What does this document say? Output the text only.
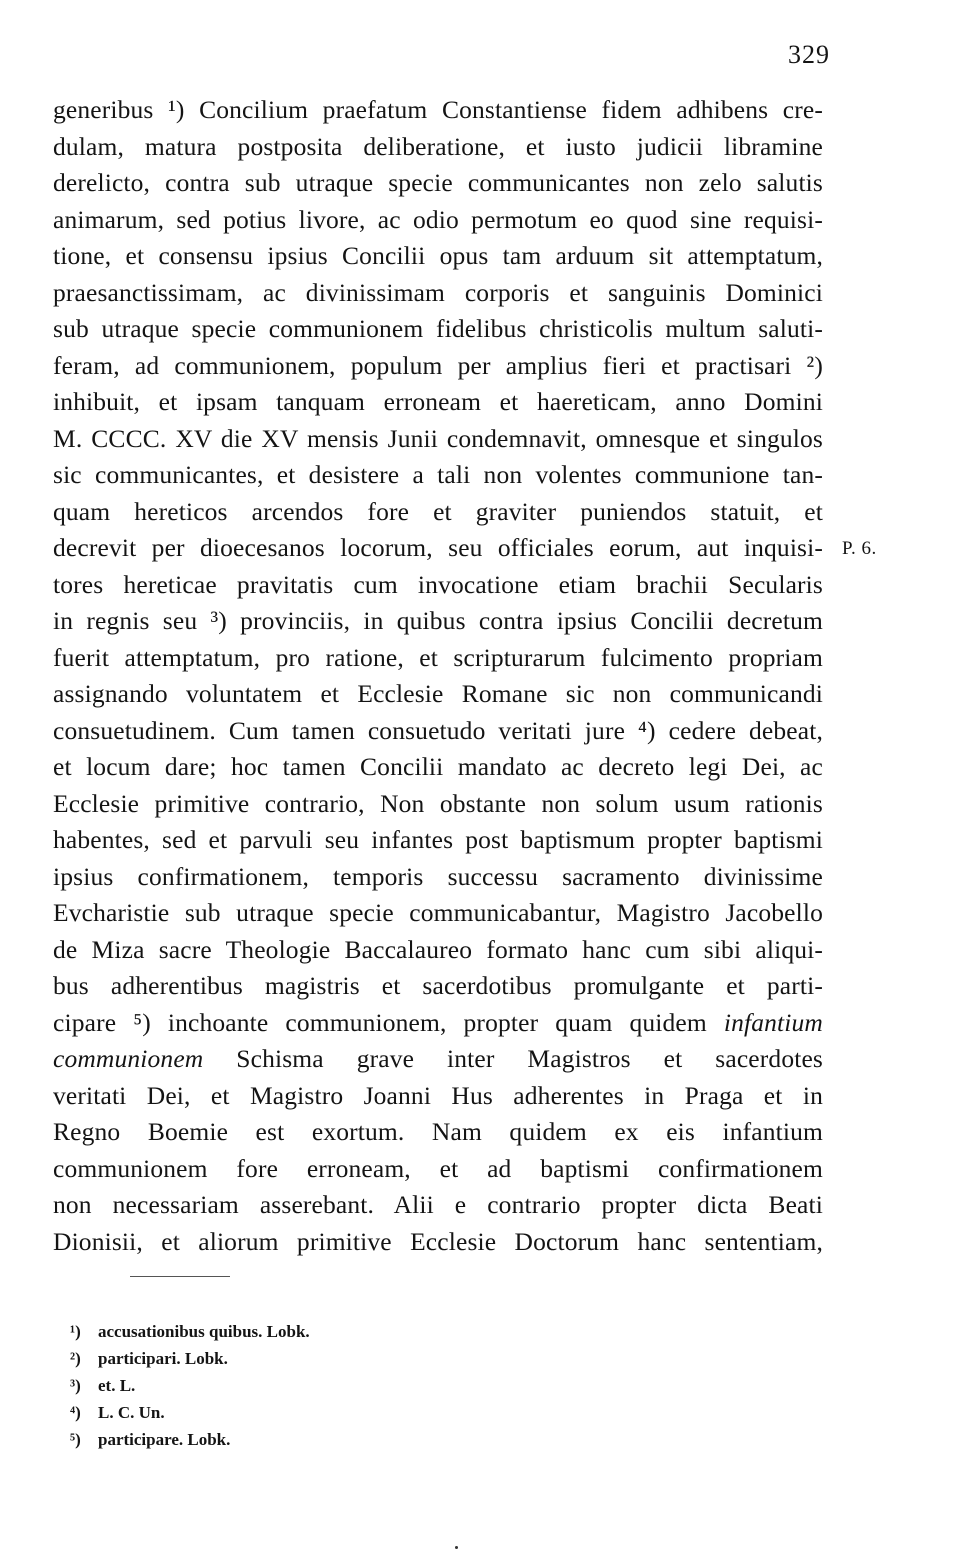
329
generibus ¹) Concilium praefatum Constantiense fidem adhibens cre-
dulam, matura postposita deliberatione, et iusto judicii libramine
derelicto, contra sub utraque specie communicantes non zelo salutis
animarum, sed potius livore, ac odio permotum eo quod sine requisi-
tione, et consensu ipsius Concilii opus tam arduum sit attemptatum,
praesanctissimam, ac divinissimam corporis et sanguinis Dominici
sub utraque specie communionem fidelibus christicolis multum saluti-
feram, ad communionem, populum per amplius fieri et practisari ²)
inhibuit, et ipsam tanquam erroneam et haereticam, anno Domini
M. CCCC. XV die XV mensis Junii condemnavit, omnesque et singulos
sic communicantes, et desistere a tali non volentes communione tan-
quam hereticos arcendos fore et graviter puniendos statuit, et
decrevit per dioecesanos locorum, seu officiales eorum, aut inquisi-
tores hereticae pravitatis cum invocatione etiam brachii Secularis
in regnis seu ³) provinciis, in quibus contra ipsius Concilii decretum
fuerit attemptatum, pro ratione, et scripturarum fulcimento propriam
assignando voluntatem et Ecclesie Romane sic non communicandi
consuetudinem. Cum tamen consuetudo veritati jure ⁴) cedere debeat,
et locum dare; hoc tamen Concilii mandato ac decreto legi Dei, ac
Ecclesie primitive contrario, Non obstante non solum usum rationis
habentes, sed et parvuli seu infantes post baptismum propter baptismi
ipsius confirmationem, temporis successu sacramento divinissime
Evcharistie sub utraque specie communicabantur, Magistro Jacobello
de Miza sacre Theologie Baccalaureo formato hanc cum sibi aliqui-
bus adherentibus magistris et sacerdotibus promulgante et parti-
cipare ⁵) inchoante communionem, propter quam quidem infantium
communionem Schisma grave inter Magistros et sacerdotes
veritati Dei, et Magistro Joanni Hus adherentes in Praga et in
Regno Boemie est exortum. Nam quidem ex eis infantium
communionem fore erroneam, et ad baptismi confirmationem
non necessariam asserebant. Alii e contrario propter dicta Beati
Dionisii, et aliorum primitive Ecclesie Doctorum hanc sententiam,
P. 6.
¹) accusationibus quibus. Lobk.
²) participari. Lobk.
³) et. L.
⁴) L. C. Un.
⁵) participare. Lobk.
